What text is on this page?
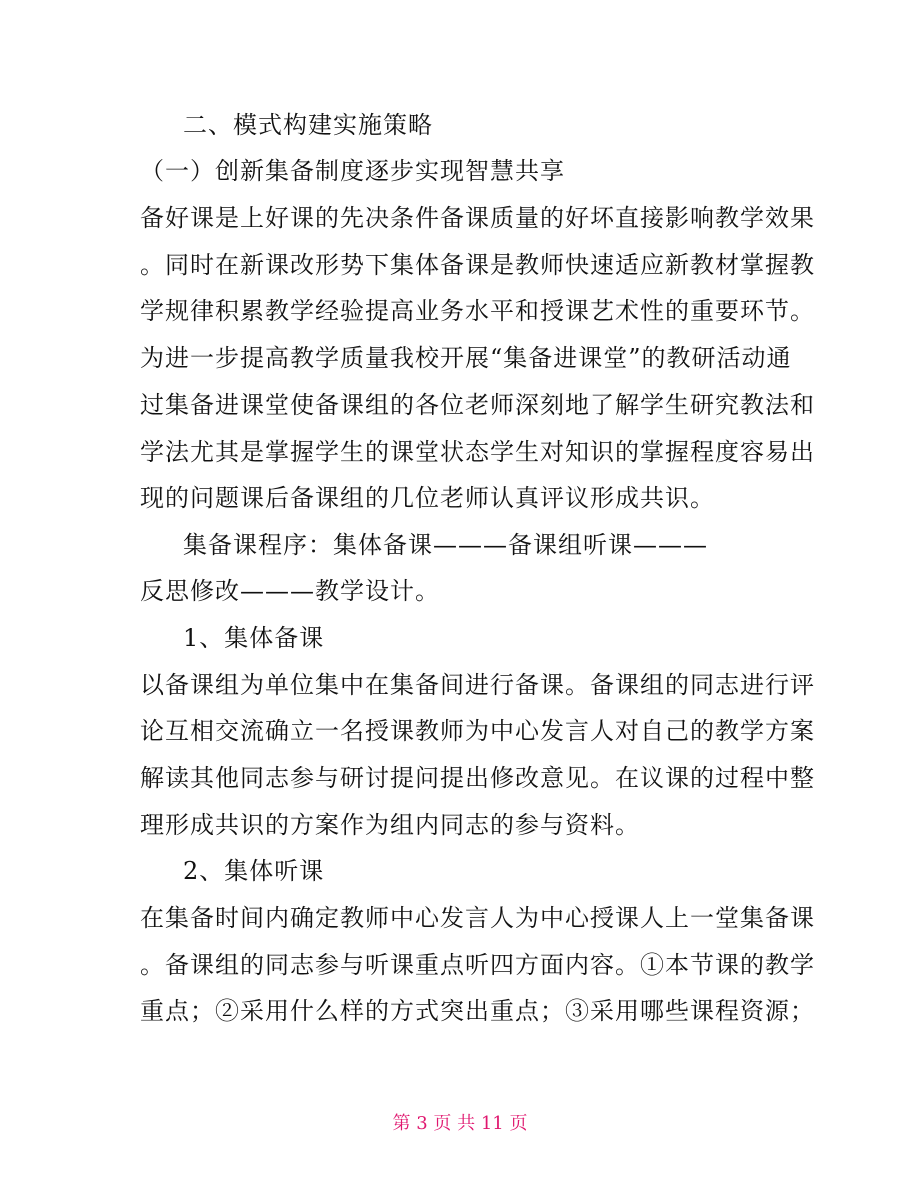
二、模式构建实施策略
（一）创新集备制度逐步实现智慧共享
备好课是上好课的先决条件备课质量的好坏直接影响教学效果
。同时在新课改形势下集体备课是教师快速适应新教材掌握教
学规律积累教学经验提高业务水平和授课艺术性的重要环节。
为进一步提高教学质量我校开展“集备进课堂”的教研活动通
过集备进课堂使备课组的各位老师深刻地了解学生研究教法和
学法尤其是掌握学生的课堂状态学生对知识的掌握程度容易出
现的问题课后备课组的几位老师认真评议形成共识。
集备课程序：集体备课———备课组听课———
反思修改———教学设计。
1、集体备课
以备课组为单位集中在集备间进行备课。备课组的同志进行评
论互相交流确立一名授课教师为中心发言人对自己的教学方案
解读其他同志参与研讨提问提出修改意见。在议课的过程中整
理形成共识的方案作为组内同志的参与资料。
2、集体听课
在集备时间内确定教师中心发言人为中心授课人上一堂集备课
。备课组的同志参与听课重点听四方面内容。①本节课的教学
重点；②采用什么样的方式突出重点；③采用哪些课程资源；
第 3 页 共 11 页
